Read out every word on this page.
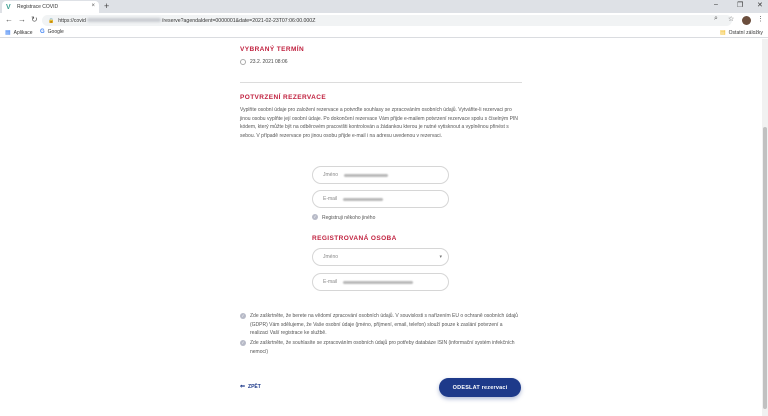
V	Registrace COVID	× +	–	❐ ✕
← → ↻ 🔒 https://covid	/reserve?agendaIdent=0000001&date=2021-02-23T07:06:00.000Z	⌕ ☆	⋮
▦ Aplikace G Google	▤ Ostatní záložky
VYBRANÝ TERMÍN
23.2. 2021 08:06
POTVRZENÍ REZERVACE
Vyplňte osobní údaje pro založení rezervace a potvrďte souhlasy se zpracováním osobních údajů. Vytvářite-li rezervaci pro jinou osobu vyplňte její osobní údaje. Po dokončení rezervace Vám přijde e-mailem potvrzení rezervace spolu s číselným PIN kódem, který můžte být na odběrovém pracovišti kontrolován a žádankou kterou je nutné vytisknout a vyplněnou přinést s sebou. V případě rezervace pro jinou osobu přijde e-mail i na adresu uvedenou v rezervaci.
Jméno
E-mail
✓ Registruji někoho jiného
REGISTROVANÁ OSOBA
Jméno	▾
E-mail
✓ Zde zaškrtněte, že berete na vědomí zpracování osobních údajů. V souvislosti s nařízením EU o ochraně osobních údajů (GDPR) Vám sdělujeme, že Vaše osobní údaje (jméno, příjmení, email, telefon) slouží pouze k zaslání potvrzení a realizaci Vaší registrace ke službě.
✓ Zde zaškrtněte, že souhlasíte se zpracováním osobních údajů pro potřeby databáze ISIN (informační systém infekčních nemocí)
⇐ ZPĚT	ODESLAT rezervaci
